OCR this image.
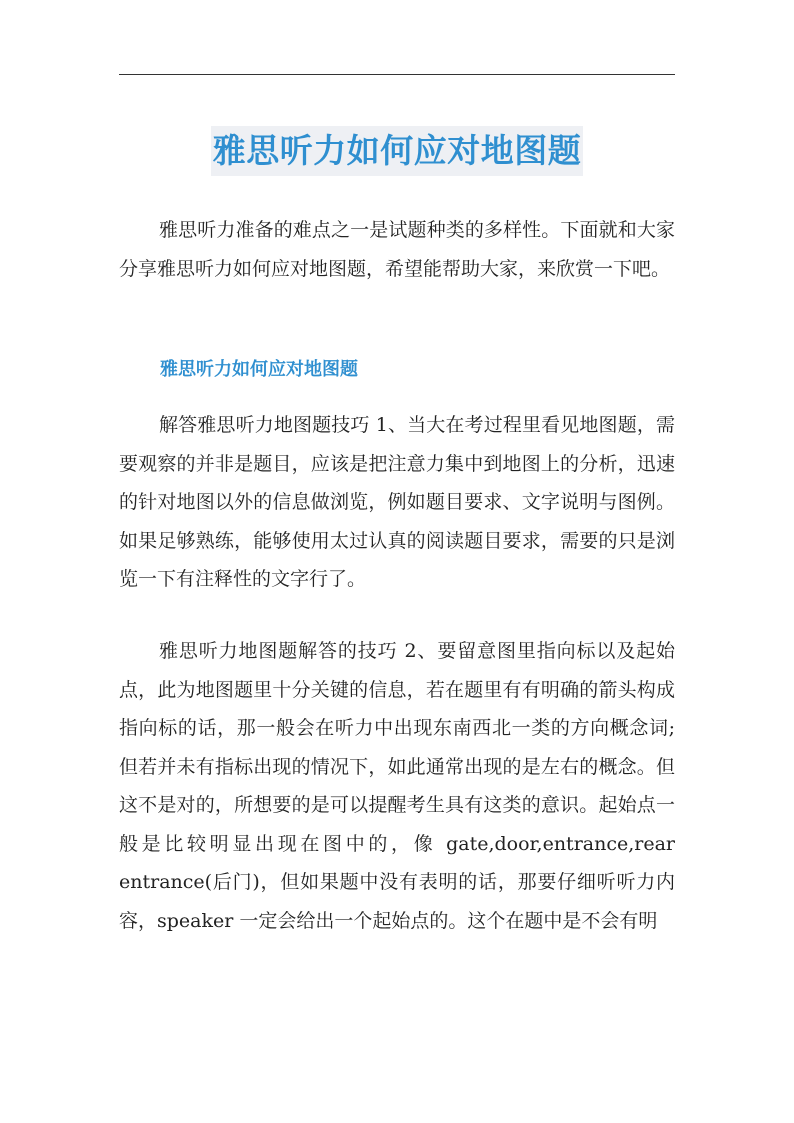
雅思听力如何应对地图题

雅思听力准备的难点之一是试题种类的多样性。下面就和大家分享雅思听力如何应对地图题，希望能帮助大家，来欣赏一下吧。

雅思听力如何应对地图题

解答雅思听力地图题技巧 1、当大在考过程里看见地图题，需要观察的并非是题目，应该是把注意力集中到地图上的分析，迅速的针对地图以外的信息做浏览，例如题目要求、文字说明与图例。如果足够熟练，能够使用太过认真的阅读题目要求，需要的只是浏览一下有注释性的文字行了。

雅思听力地图题解答的技巧 2、要留意图里指向标以及起始点，此为地图题里十分关键的信息，若在题里有有明确的箭头构成指向标的话，那一般会在听力中出现东南西北一类的方向概念词;但若并未有指标出现的情况下，如此通常出现的是左右的概念。但这不是对的，所想要的是可以提醒考生具有这类的意识。起始点一般是比较明显出现在图中的，像 gate,door,entrance,rear entrance(后门)，但如果题中没有表明的话，那要仔细听听力内容，speaker 一定会给出一个起始点的。这个在题中是不会有明
